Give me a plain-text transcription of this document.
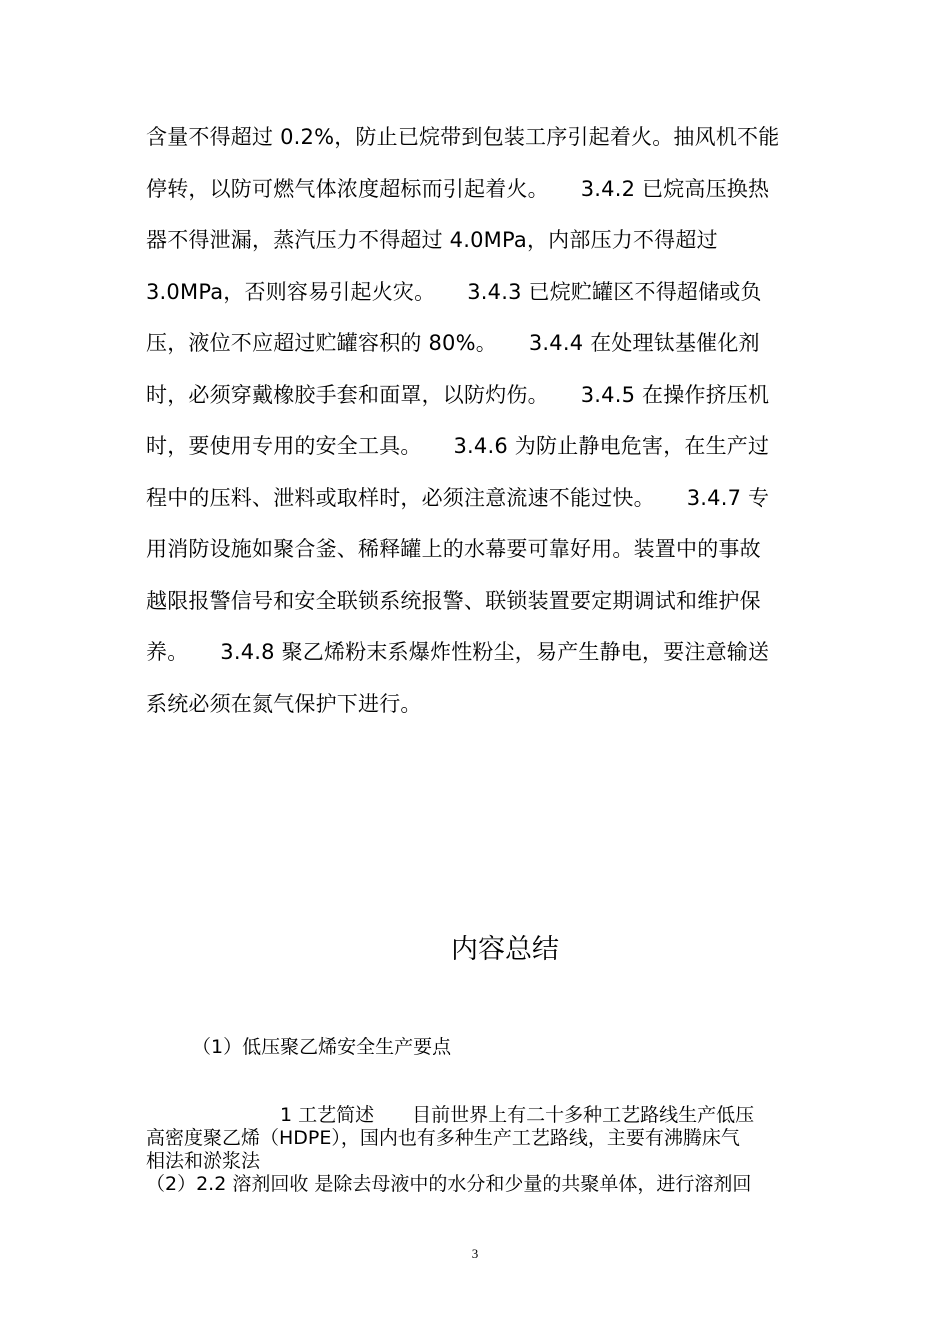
含量不得超过 0.2%，防止已烷带到包装工序引起着火。抽风机不能
停转，以防可燃气体浓度超标而引起着火。　　3.4.2 已烷高压换热
器不得泄漏，蒸汽压力不得超过 4.0MPa，内部压力不得超过
3.0MPa，否则容易引起火灾。　　3.4.3 已烷贮罐区不得超储或负
压，液位不应超过贮罐容积的 80%。　　3.4.4 在处理钛基催化剂
时，必须穿戴橡胶手套和面罩，以防灼伤。　　3.4.5 在操作挤压机
时，要使用专用的安全工具。　　3.4.6 为防止静电危害，在生产过
程中的压料、泄料或取样时，必须注意流速不能过快。　　3.4.7 专
用消防设施如聚合釜、稀释罐上的水幕要可靠好用。装置中的事故
越限报警信号和安全联锁系统报警、联锁装置要定期调试和维护保
养。　　3.4.8 聚乙烯粉末系爆炸性粉尘，易产生静电，要注意输送
系统必须在氮气保护下进行。
内容总结
（1）低压聚乙烯安全生产要点
1 工艺简述　　目前世界上有二十多种工艺路线生产低压
高密度聚乙烯（HDPE），国内也有多种生产工艺路线，主要有沸腾床气
相法和淤浆法
（2）2.2 溶剂回收 是除去母液中的水分和少量的共聚单体，进行溶剂回
3
